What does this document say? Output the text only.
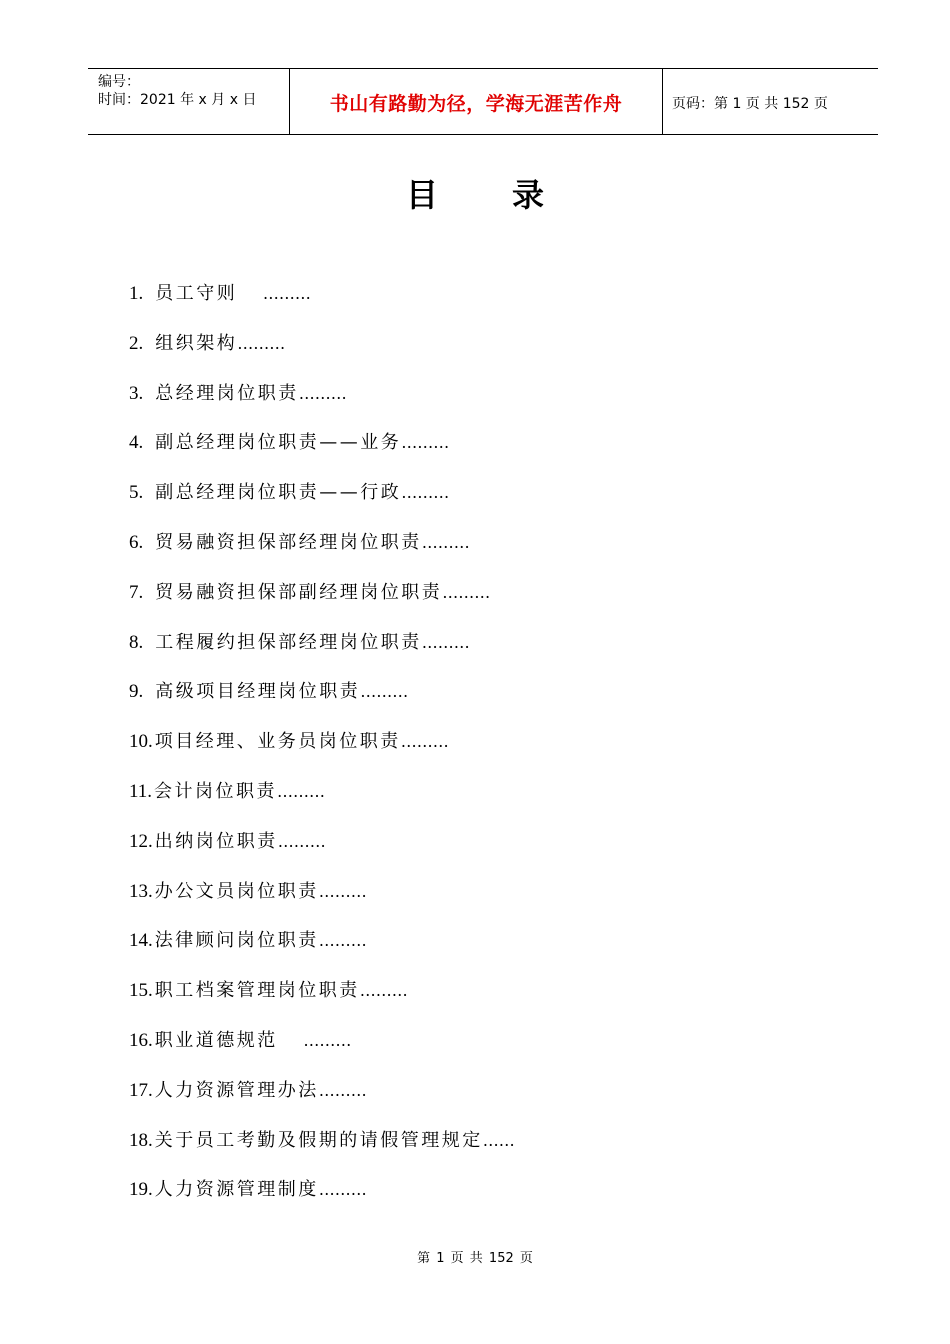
编号：
时间：2021 年 x 月 x 日	书山有路勤为径，学海无涯苦作舟	页码：第 1 页 共 152 页
目 录
1. 员工守则 ………
2. 组织架构………
3. 总经理岗位职责………
4. 副总经理岗位职责——业务………
5. 副总经理岗位职责——行政………
6. 贸易融资担保部经理岗位职责………
7. 贸易融资担保部副经理岗位职责………
8. 工程履约担保部经理岗位职责………
9. 高级项目经理岗位职责………
10. 项目经理、业务员岗位职责………
11. 会计岗位职责………
12. 出纳岗位职责………
13. 办公文员岗位职责………
14. 法律顾问岗位职责………
15. 职工档案管理岗位职责………
16. 职业道德规范 ………
17. 人力资源管理办法………
18. 关于员工考勤及假期的请假管理规定……
19. 人力资源管理制度………
第 1 页 共 152 页
